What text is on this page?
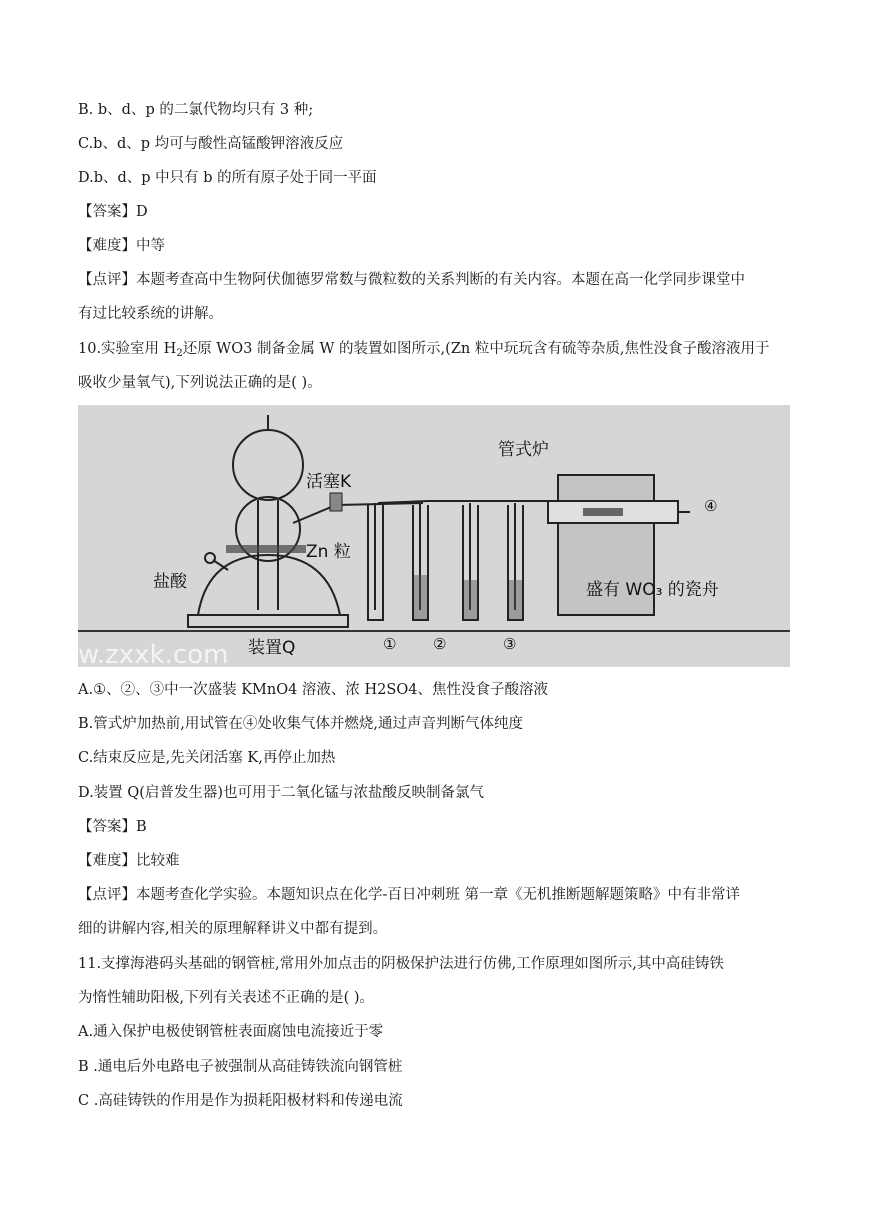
B. b、d、p 的二氯代物均只有 3 种;
C.b、d、p 均可与酸性高锰酸钾溶液反应
D.b、d、p 中只有 b 的所有原子处于同一平面
【答案】D
【难度】中等
【点评】本题考查高中生物阿伏伽德罗常数与微粒数的关系判断的有关内容。本题在高一化学同步课堂中
有过比较系统的讲解。
10.实验室用 $H_2$还原 WO3 制备金属 W 的装置如图所示,(Zn 粒中玩玩含有硫等杂质,焦性没食子酸溶液用于
吸收少量氧气),下列说法正确的是( )。
活塞K
Zn 粒
盐酸
管式炉
盛有 WO₃ 的瓷舟
装置Q	① ②	③
④
w.zxxk.com
A.①、②、③中一次盛装 KMnO4 溶液、浓 H2SO4、焦性没食子酸溶液
B.管式炉加热前,用试管在④处收集气体并燃烧,通过声音判断气体纯度
C.结束反应是,先关闭活塞 K,再停止加热
D.装置 Q(启普发生器)也可用于二氧化锰与浓盐酸反映制备氯气
【答案】B
【难度】比较难
【点评】本题考查化学实验。本题知识点在化学-百日冲刺班 第一章《无机推断题解题策略》中有非常详
细的讲解内容,相关的原理解释讲义中都有提到。
11.支撑海港码头基础的钢管桩,常用外加点击的阴极保护法进行仿佛,工作原理如图所示,其中高硅铸铁
为惰性辅助阳极,下列有关表述不正确的是( )。
A.通入保护电极使钢管桩表面腐蚀电流接近于零
B .通电后外电路电子被强制从高硅铸铁流向钢管桩
C .高硅铸铁的作用是作为损耗阳极材料和传递电流
